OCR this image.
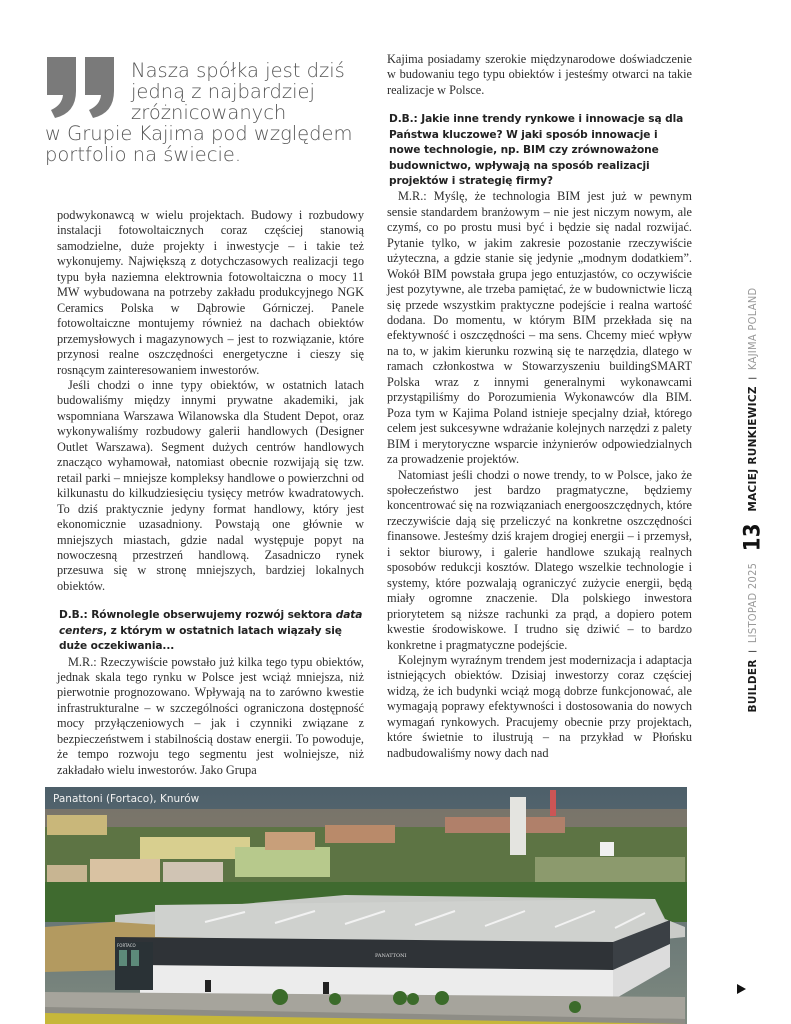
Nasza spółka jest dziś
jedną z najbardziej
zróżnicowanych
w Grupie Kajima pod względem
portfolio na świecie.

podwykonawcą w wielu projektach. Budowy i rozbudowy instalacji fotowoltaicznych coraz częściej stanowią samodzielne, duże projekty i inwestycje – i takie też wykonujemy. Największą z dotychczasowych realizacji tego typu była naziemna elektrownia fotowoltaiczna o mocy 11 MW wybudowana na potrzeby zakładu produkcyjnego NGK Ceramics Polska w Dąbrowie Górniczej. Panele fotowoltaiczne montujemy również na dachach obiektów przemysłowych i magazynowych – jest to rozwiązanie, które przynosi realne oszczędności energetyczne i cieszy się rosnącym zainteresowaniem inwestorów.

Jeśli chodzi o inne typy obiektów, w ostatnich latach budowaliśmy między innymi prywatne akademiki, jak wspomniana Warszawa Wilanowska dla Student Depot, oraz wykonywaliśmy rozbudowy galerii handlowych (Designer Outlet Warszawa). Segment dużych centrów handlowych znacząco wyhamował, natomiast obecnie rozwijają się tzw. retail parki – mniejsze kompleksy handlowe o powierzchni od kilkunastu do kilkudziesięciu tysięcy metrów kwadratowych. To dziś praktycznie jedyny format handlowy, który jest ekonomicznie uzasadniony. Powstają one głównie w mniejszych miastach, gdzie nadal występuje popyt na nowoczesną przestrzeń handlową. Zasadniczo rynek przesuwa się w stronę mniejszych, bardziej lokalnych obiektów.

D.B.: Równolegle obserwujemy rozwój sektora data centers, z którym w ostatnich latach wiązały się duże oczekiwania...

M.R.: Rzeczywiście powstało już kilka tego typu obiektów, jednak skala tego rynku w Polsce jest wciąż mniejsza, niż pierwotnie prognozowano. Wpływają na to zarówno kwestie infrastrukturalne – w szczególności ograniczona dostępność mocy przyłączeniowych – jak i czynniki związane z bezpieczeństwem i stabilnością dostaw energii. To powoduje, że tempo rozwoju tego segmentu jest wolniejsze, niż zakładało wielu inwestorów. Jako Grupa

Kajima posiadamy szerokie międzynarodowe doświadczenie w budowaniu tego typu obiektów i jesteśmy otwarci na takie realizacje w Polsce.

D.B.: Jakie inne trendy rynkowe i innowacje są dla Państwa kluczowe? W jaki sposób innowacje i nowe technologie, np. BIM czy zrównoważone budownictwo, wpływają na sposób realizacji projektów i strategię firmy?

M.R.: Myślę, że technologia BIM jest już w pewnym sensie standardem branżowym – nie jest niczym nowym, ale czymś, co po prostu musi być i będzie się nadal rozwijać. Pytanie tylko, w jakim zakresie pozostanie rzeczywiście użyteczna, a gdzie stanie się jedynie „modnym dodatkiem”. Wokół BIM powstała grupa jego entuzjastów, co oczywiście jest pozytywne, ale trzeba pamiętać, że w budownictwie liczą się przede wszystkim praktyczne podejście i realna wartość dodana. Do momentu, w którym BIM przekłada się na efektywność i oszczędności – ma sens. Chcemy mieć wpływ na to, w jakim kierunku rozwiną się te narzędzia, dlatego w ramach członkostwa w Stowarzyszeniu buildingSMART Polska wraz z innymi generalnymi wykonawcami przystąpiliśmy do Porozumienia Wykonawców dla BIM. Poza tym w Kajima Poland istnieje specjalny dział, którego celem jest sukcesywne wdrażanie kolejnych narzędzi z palety BIM i merytoryczne wsparcie inżynierów odpowiedzialnych za prowadzenie projektów.

Natomiast jeśli chodzi o nowe trendy, to w Polsce, jako że społeczeństwo jest bardzo pragmatyczne, będziemy koncentrować się na rozwiązaniach energooszczędnych, które rzeczywiście dają się przeliczyć na konkretne oszczędności finansowe. Jesteśmy dziś krajem drogiej energii – i przemysł, i sektor biurowy, i galerie handlowe szukają realnych sposobów redukcji kosztów. Dlatego wszelkie technologie i systemy, które pozwalają ograniczyć zużycie energii, będą miały ogromne znaczenie. Dla polskiego inwestora priorytetem są niższe rachunki za prąd, a dopiero potem kwestie środowiskowe. I trudno się dziwić – to bardzo konkretne i pragmatyczne podejście.

Kolejnym wyraźnym trendem jest modernizacja i adaptacja istniejących obiektów. Dzisiaj inwestorzy coraz częściej widzą, że ich budynki wciąż mogą dobrze funkcjonować, ale wymagają poprawy efektywności i dostosowania do nowych wymagań rynkowych. Pracujemy obecnie przy projektach, które świetnie to ilustrują – na przykład w Płońsku nadbudowaliśmy nowy dach nad

BUILDER I LISTOPAD 2025 13 MACIEJ RUNKIEWICZ I KAJIMA POLAND
FORTACO
PANATTONI
Panattoni (Fortaco), Knurów
